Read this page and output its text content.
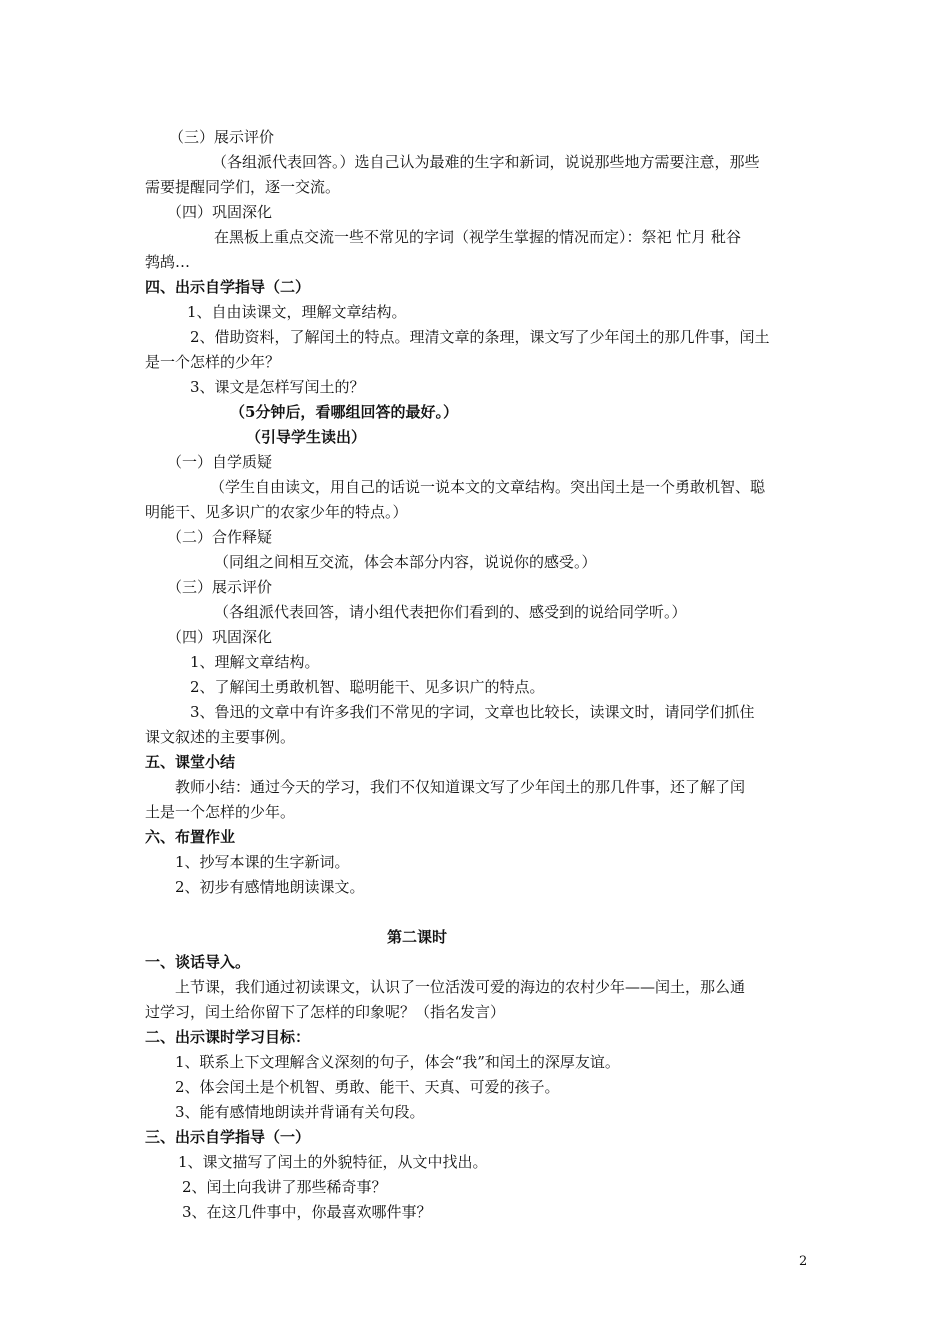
（三）展示评价
（各组派代表回答。）选自己认为最难的生字和新词，说说那些地方需要注意，那些
需要提醒同学们，逐一交流。
（四）巩固深化
在黑板上重点交流一些不常见的字词（视学生掌握的情况而定）：祭祀 忙月 秕谷
鹁鸪…
四、出示自学指导（二）
1、自由读课文，理解文章结构。
2、借助资料，了解闰土的特点。理清文章的条理，课文写了少年闰土的那几件事，闰土
是一个怎样的少年？
3、课文是怎样写闰土的？
（5分钟后，看哪组回答的最好。）
（引导学生读出）
（一）自学质疑
（学生自由读文，用自己的话说一说本文的文章结构。突出闰土是一个勇敢机智、聪
明能干、见多识广的农家少年的特点。）
（二）合作释疑
（同组之间相互交流，体会本部分内容，说说你的感受。）
（三）展示评价
（各组派代表回答，请小组代表把你们看到的、感受到的说给同学听。）
（四）巩固深化
1、理解文章结构。
2、了解闰土勇敢机智、聪明能干、见多识广的特点。
3、鲁迅的文章中有许多我们不常见的字词，文章也比较长，读课文时，请同学们抓住
课文叙述的主要事例。
五、课堂小结
教师小结：通过今天的学习，我们不仅知道课文写了少年闰土的那几件事，还了解了闰
土是一个怎样的少年。
六、布置作业
1、抄写本课的生字新词。
2、初步有感情地朗读课文。
第二课时
一、谈话导入。
上节课，我们通过初读课文，认识了一位活泼可爱的海边的农村少年——闰土，那么通
过学习，闰土给你留下了怎样的印象呢？（指名发言）
二、出示课时学习目标：
1、联系上下文理解含义深刻的句子，体会“我”和闰土的深厚友谊。
2、体会闰土是个机智、勇敢、能干、天真、可爱的孩子。
3、能有感情地朗读并背诵有关句段。
三、出示自学指导（一）
1、课文描写了闰土的外貌特征，从文中找出。
2、闰土向我讲了那些稀奇事？
3、在这几件事中，你最喜欢哪件事？
2
